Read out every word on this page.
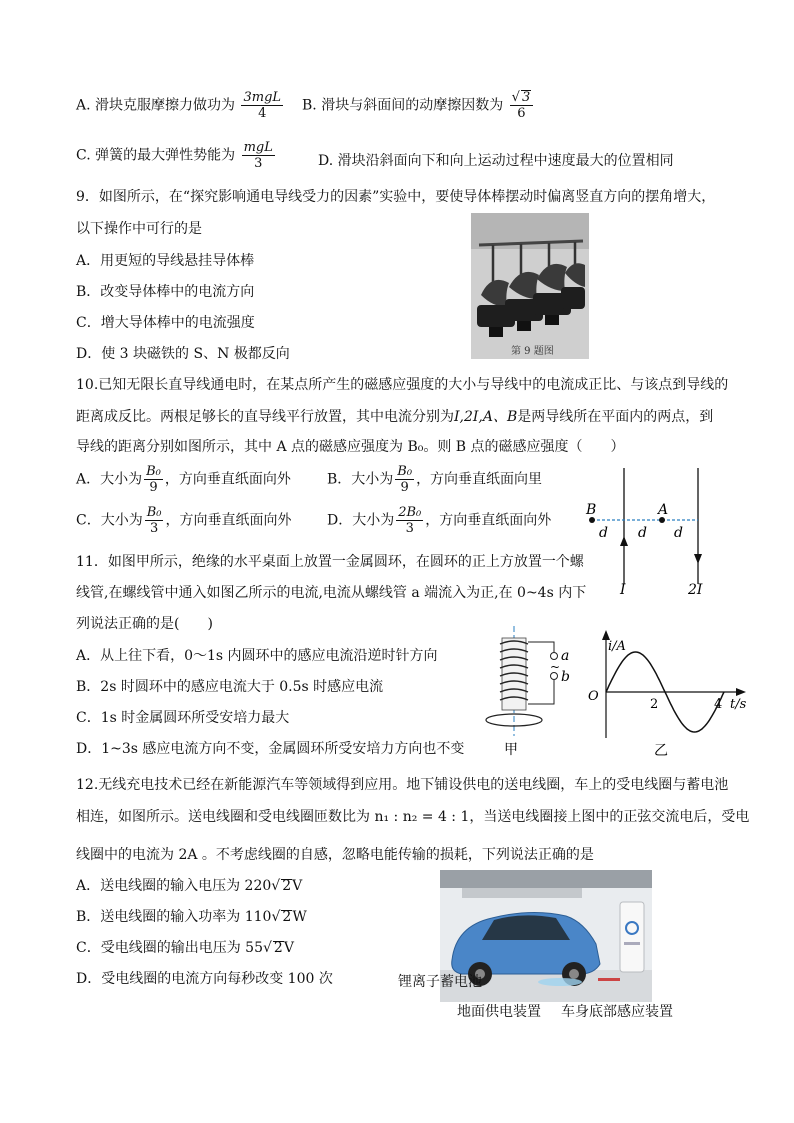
A. 滑块克服摩擦力做功为 $\frac{\text{3mgL}}{4} B$. 滑块与斜面间的动摩擦因数为 $\frac{√ 3}{6}$
C. 弹簧的最大弹性势能为 $\frac{\text{mgL}}{3}$	D. 滑块沿斜面向下和向上运动过程中速度最大的位置相同
9．如图所示，在“探究影响通电导线受力的因素”实验中，要使导体棒摆动时偏离竖直方向的摆角增大，
以下操作中可行的是
A．用更短的导线悬挂导体棒
B．改变导体棒中的电流方向
C．增大导体棒中的电流强度
D．使 3 块磁铁的 S、N 极都反向	第 9 题图
10.已知无限长直导线通电时，在某点所产生的磁感应强度的大小与导线中的电流成正比、与该点到导线的
距离成反比。两根足够长的直导线平行放置，其中电流分别为I,2I,A、B是两导线所在平面内的两点，到
导线的距离分别如图所示，其中 A 点的磁感应强度为 B₀。则 B 点的磁感应强度（　　）
A．大小为 $\frac{\text{B₀}}{9}$ ，方向垂直纸面向外	B．大小为 $\frac{\text{B₀}}{9}$ ，方向垂直纸面向里
C．大小为 $\frac{\text{B₀}}{3}$ ，方向垂直纸面向外	D．大小为 $\frac{\text{2B₀}}{3}$ ，方向垂直纸面向外
B	A
d d d
I	2I
11．如图甲所示，绝缘的水平桌面上放置一金属圆环，在圆环的正上方放置一个螺
线管,在螺线管中通入如图乙所示的电流,电流从螺线管 a 端流入为正,在 0~4s 内下
列说法正确的是(　　)
A．从上往下看，0～1s 内圆环中的感应电流沿逆时针方向
B．2s 时圆环中的感应电流大于 0.5s 时感应电流
C．1s 时金属圆环所受安培力最大
D．1~3s 感应电流方向不变，金属圆环所受安培力方向也不变
a
~
b
甲
i/A
t/s
O
2	4
乙
12.无线充电技术已经在新能源汽车等领域得到应用。地下铺设供电的送电线圈，车上的受电线圈与蓄电池
相连，如图所示。送电线圈和受电线圈匝数比为 n₁ : n₂ = 4 : 1，当送电线圈接上图中的正弦交流电后，受电
线圈中的电流为 2A 。不考虑线圈的自感，忽略电能传输的损耗，下列说法正确的是
A．送电线圈的输入电压为 220√ 2V
B．送电线圈的输入功率为 110√ 2W
C．受电线圈的输出电压为 55√ 2V
D．受电线圈的电流方向每秒改变 100 次	锂离子蓄电池
地面供电装置 车身底部感应装置
